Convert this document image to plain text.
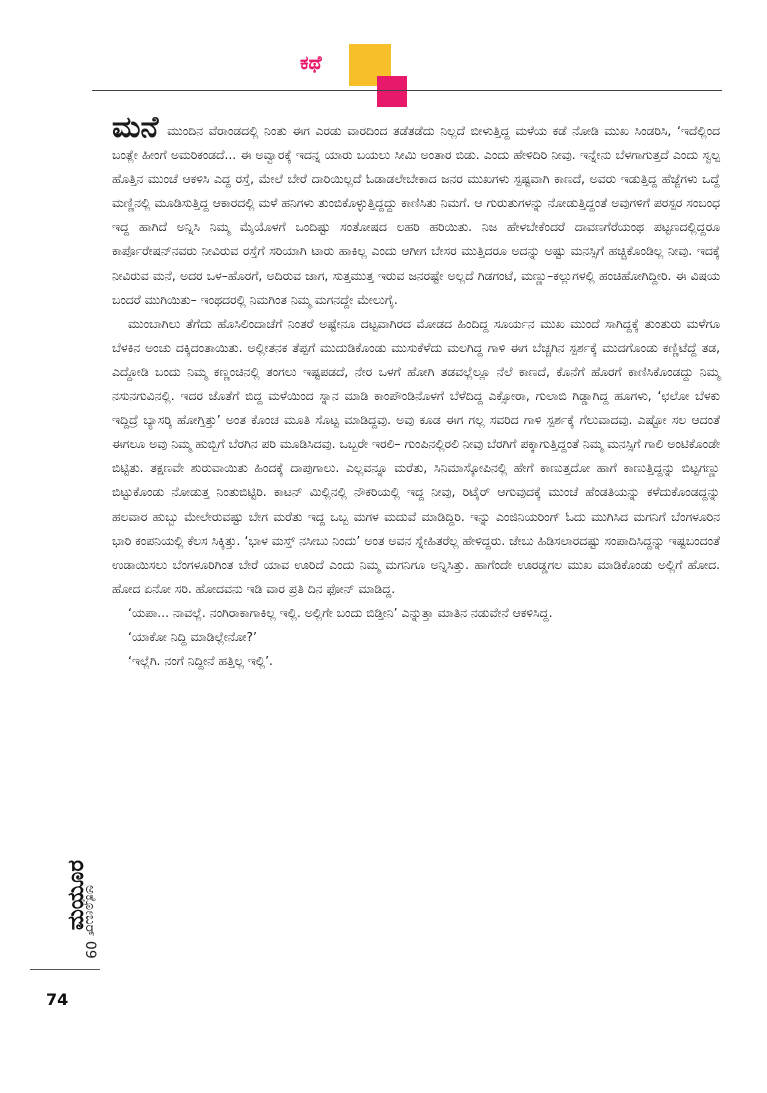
ಕಥೆ

ಮನೆ ಮುಂದಿನ ವೆರಾಂಡದಲ್ಲಿ ನಿಂತು ಈಗ ಎರಡು ವಾರದಿಂದ ತಡೆತಡೆದು ನಿಲ್ಲದೆ ಬೀಳುತ್ತಿದ್ದ ಮಳೆಯ ಕಡೆ ನೋಡಿ ಮುಖ ಸಿಂಡರಿಸಿ, ‘ಇದೆಲ್ಲಿಂದ ಬಂತ್ಲೇ ಹೀಂಗೆ ಅಮರಿಕಂಡದೆ... ಈ ಅವ್ವಾರಕ್ಕೆ ಇದನ್ನ ಯಾರು ಬಯಲು ಸೀಮಿ ಅಂತಾರ ಬಿಡು. ಎಂದು ಹೇಳಿದಿರಿ ನೀವು. ಇನ್ನೇನು ಬೆಳಗಾಗುತ್ತದೆ ಎಂದು ಸ್ವಲ್ಪ ಹೊತ್ತಿನ ಮುಂಚೆ ಆಕಳಿಸಿ ಎದ್ದ ರಸ್ತೆ, ಮೇಲೆ ಬೇರೆ ದಾರಿಯಿಲ್ಲದೆ ಓಡಾಡಲೇಬೇಕಾದ ಜನರ ಮುಖಗಳು ಸ್ಪಷ್ಟವಾಗಿ ಕಾಣದೆ, ಅವರು ಇಡುತ್ತಿದ್ದ ಹೆಜ್ಜೆಗಳು ಒದ್ದೆ ಮಣ್ಣಿನಲ್ಲಿ ಮೂಡಿಸುತ್ತಿದ್ದ ಆಕಾರದಲ್ಲಿ ಮಳೆ ಹನಿಗಳು ತುಂಬಿಕೊಳ್ಳುತ್ತಿದ್ದದ್ದು ಕಾಣಿಸಿತು ನಿಮಗೆ. ಆ ಗುರುತುಗಳನ್ನು ನೋಡುತ್ತಿದ್ದಂತೆ ಅವುಗಳಿಗೆ ಪರಸ್ಪರ ಸಂಬಂಧ ಇದ್ದ ಹಾಗಿದೆ ಅನ್ನಿಸಿ ನಿಮ್ಮ ಮೈಯೊಳಗೆ ಒಂದಿಷ್ಟು ಸಂತೋಷದ ಲಹರಿ ಹರಿಯಿತು. ನಿಜ ಹೇಳಬೇಕೆಂದರೆ ದಾವಣಗೆರೆಯಂಥ ಪಟ್ಟಣದಲ್ಲಿದ್ದರೂ ಕಾರ್ಪೊರೇಷನ್‌ನವರು ನೀವಿರುವ ರಸ್ತೆಗೆ ಸರಿಯಾಗಿ ಟಾರು ಹಾಕಿಲ್ಲ ಎಂದು ಆಗೀಗ ಬೇಸರ ಮುತ್ತಿದರೂ ಅದನ್ನು ಅಷ್ಟು ಮನಸ್ಸಿಗೆ ಹಚ್ಚಿಕೊಂಡಿಲ್ಲ ನೀವು. ಇದಕ್ಕೆ ನೀವಿರುವ ಮನೆ, ಅದರ ಒಳ–ಹೊರಗೆ, ಅದಿರುವ ಜಾಗ, ಸುತ್ತಮುತ್ತ ಇರುವ ಜನರಷ್ಟೇ ಅಲ್ಲದೆ ಗಿಡಗಂಟೆ, ಮಣ್ಣು–ಕಲ್ಲುಗಳಲ್ಲಿ ಹಂಚಿಹೋಗಿದ್ದೀರಿ. ಈ ವಿಷಯ ಬಂದರೆ ಮುಗಿಯಿತು– ಇಂಥದರಲ್ಲಿ ನಿಮಗಿಂತ ನಿಮ್ಮ ಮಗನದ್ದೇ ಮೇಲುಗೈ.

ಮುಂಬಾಗಿಲು ತೆಗೆದು ಹೊಸಿಲಿಂದಾಚೆಗೆ ನಿಂತರೆ ಅಷ್ಟೇನೂ ದಟ್ಟವಾಗಿರದ ಮೋಡದ ಹಿಂದಿದ್ದ ಸೂರ್ಯನ ಮುಖ ಮುಂದೆ ಸಾಗಿದ್ದಕ್ಕೆ ತುಂತುರು ಮಳೆಗೂ ಬೆಳಕಿನ ಅಂಚು ದಕ್ಕಿದಂತಾಯಿತು. ಅಲ್ಲೀತನಕ ತೆಪ್ಪಗೆ ಮುದುಡಿಕೊಂಡು ಮುಸುಕೆಳೆದು ಮಲಗಿದ್ದ ಗಾಳಿ ಈಗ ಬೆಚ್ಚಗಿನ ಸ್ಪರ್ಶಕ್ಕೆ ಮುದಗೊಂಡು ಕಣ್ಣಿಟೆದ್ದೆ ತಡ, ಎದ್ದೋಡಿ ಬಂದು ನಿಮ್ಮ ಕಣ್ಣಂಚಿನಲ್ಲಿ ತಂಗಲು ಇಷ್ಟಪಡದೆ, ನೇರ ಒಳಗೆ ಹೋಗಿ ತಡವಲ್ಲೆಲ್ಲೂ ನೆಲೆ ಕಾಣದೆ, ಕೊನೆಗೆ ಹೊರಗೆ ಕಾಣಿಸಿಕೊಂಡದ್ದು ನಿಮ್ಮ ನಸುನಗುವಿನಲ್ಲಿ. ಇದರ ಜೊತೆಗೆ ಬಿದ್ದ ಮಳೆಯಿಂದ ಸ್ನಾನ ಮಾಡಿ ಕಾಂಪೌಂಡಿನೊಳಗೆ ಬೆಳೆದಿದ್ದ ಎಕ್ಸೋರಾ, ಗುಲಾಬಿ ಗಿಡ್ಡಾಗಿದ್ದ ಹೂಗಳು, ‘ಛಲೋ ಬೆಳಕು ಇದ್ದಿದ್ರೆ ಬ್ಯಾಸರ್‍ಕಿ ಹೋಗ್ತಿತ್ತು’ ಅಂತ ಕೊಂಚ ಮೂತಿ ಸೊಟ್ಟ ಮಾಡಿದ್ದವು. ಅವು ಕೂಡ ಈಗ ಗಲ್ಲ ಸವರಿದ ಗಾಳಿ ಸ್ಪರ್ಶಕ್ಕೆ ಗೆಲುವಾದವು. ಎಷ್ಟೋ ಸಲ ಆದಂತೆ ಈಗಲೂ ಅವು ನಿಮ್ಮ ಹುಬ್ಬಿಗೆ ಬೆರಗಿನ ಪರಿ ಮೂಡಿಸಿದವು. ಒಬ್ಬರೇ ಇರಲಿ– ಗುಂಪಿನಲ್ಲಿರಲಿ ನೀವು ಬೆರಗಿಗೆ ಪಕ್ಕಾಗುತ್ತಿದ್ದಂತೆ ನಿಮ್ಮ ಮನಸ್ಸಿಗೆ ಗಾಲಿ ಅಂಟಿಕೊಂಡೇ ಬಿಟ್ಟಿತು. ತಕ್ಷಣವೇ ಶುರುವಾಯಿತು ಹಿಂದಕ್ಕೆ ದಾಪುಗಾಲು. ಎಲ್ಲವನ್ನೂ ಮರೆತು, ಸಿನಿಮಾಸ್ಕೋಪಿನಲ್ಲಿ ಹೇಗೆ ಕಾಣುತ್ತದೋ ಹಾಗೆ ಕಾಣುತ್ತಿದ್ದನ್ನು ಬಿಟ್ಟಗಣ್ಣು ಬಿಟ್ಟುಕೊಂಡು ನೋಡುತ್ತ ನಿಂತುಬಿಟ್ಟಿರಿ. ಕಾಟನ್ ಮಿಲ್ಲಿನಲ್ಲಿ ನೌಕರಿಯಲ್ಲಿ ಇದ್ದ ನೀವು, ರಿಟೈರ್ ಆಗುವುದಕ್ಕೆ ಮುಂಚೆ ಹೆಂಡತಿಯನ್ನು ಕಳೆದುಕೊಂಡದ್ದನ್ನು ಹಲವಾರ ಹುಬ್ಬು ಮೇಲೇರುವಷ್ಟು ಬೇಗ ಮರೆತು ಇದ್ದ ಒಬ್ಬ ಮಗಳ ಮದುವೆ ಮಾಡಿದ್ದಿರಿ. ಇನ್ನು ಎಂಜಿನಿಯರಿಂಗ್ ಓದು ಮುಗಿಸಿದ ಮಗನಿಗೆ ಬೆಂಗಳೂರಿನ ಭಾರಿ ಕಂಪನಿಯಲ್ಲಿ ಕೆಲಸ ಸಿಕ್ಕಿತ್ತು. ‘ಭಾಳ ಮಸ್ತ್ ನಸೀಬು ನಿಂದು’ ಅಂತ ಅವನ ಸ್ನೇಹಿತರೆಲ್ಲ ಹೇಳಿದ್ದರು. ಜೇಬು ಹಿಡಿಸಲಾರದಷ್ಟು ಸಂಪಾದಿಸಿದ್ದನ್ನು ಇಷ್ಟಬಂದಂತೆ ಉಡಾಯಿಸಲು ಬೆಂಗಳೂರಿಗಿಂತ ಬೇರೆ ಯಾವ ಊರಿದೆ ಎಂದು ನಿಮ್ಮ ಮಗನಿಗೂ ಅನ್ನಿಸಿತ್ತು. ಹಾಗೆಂದೇ ಊರಡ್ಡಗಲ ಮುಖ ಮಾಡಿಕೊಂಡು ಅಲ್ಲಿಗೆ ಹೋದ. ಹೋದ ಏನೋ ಸರಿ. ಹೋದವನು ಇಡಿ ವಾರ ಪ್ರತಿ ದಿನ ಫೋನ್ ಮಾಡಿದ್ದ.

‘ಯಪಾ... ನಾವಲ್ಲೆ. ನಂಗಿರಾಕಾಗಾಕಿಲ್ಲ ಇಲ್ಲಿ. ಅಲ್ಲಿಗೇ ಬಂದು ಬಿಡ್ತೀನಿ’ ಎನ್ನುತ್ತಾ ಮಾತಿನ ನಡುವೇನೆ ಆಕಳಿಸಿದ್ದ.

‘ಯಾಕೋ ನಿದ್ದಿ ಮಾಡಿಲ್ಲೇನೋ?’

‘ಇಲ್ಲೆಗಿ. ನಂಗೆ ನಿದ್ದೀನೆ ಹತ್ತಿಲ್ಲ ಇಲ್ಲಿ’.

ಮಯೂರ
ಅಕ್ಟೋಬರ್ 09
74
